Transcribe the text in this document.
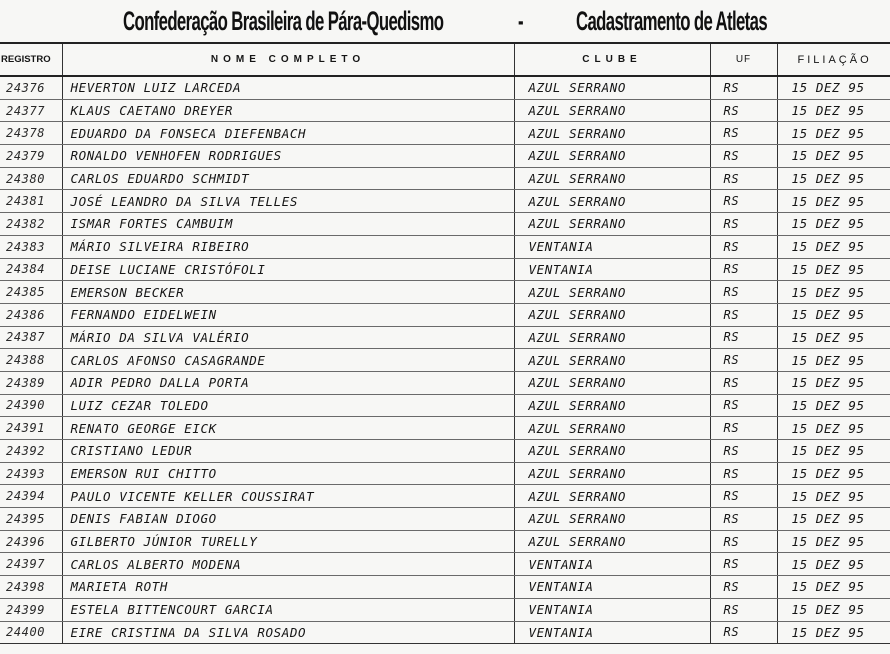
Confederação Brasileira de Pára-Quedismo	- Cadastramento de Atletas
REGISTRO	NOME COMPLETO	CLUBE	UF	FILIAÇÃO
24376	HEVERTON LUIZ LARCEDA	AZUL SERRANO	RS	15 DEZ 95
24377	KLAUS CAETANO DREYER	AZUL SERRANO	RS	15 DEZ 95
24378	EDUARDO DA FONSECA DIEFENBACH	AZUL SERRANO	RS	15 DEZ 95
24379	RONALDO VENHOFEN RODRIGUES	AZUL SERRANO	RS	15 DEZ 95
24380	CARLOS EDUARDO SCHMIDT	AZUL SERRANO	RS	15 DEZ 95
24381	JOSÉ LEANDRO DA SILVA TELLES	AZUL SERRANO	RS	15 DEZ 95
24382	ISMAR FORTES CAMBUIM	AZUL SERRANO	RS	15 DEZ 95
24383	MÁRIO SILVEIRA RIBEIRO	VENTANIA	RS	15 DEZ 95
24384	DEISE LUCIANE CRISTÓFOLI	VENTANIA	RS	15 DEZ 95
24385	EMERSON BECKER	AZUL SERRANO	RS	15 DEZ 95
24386	FERNANDO EIDELWEIN	AZUL SERRANO	RS	15 DEZ 95
24387	MÁRIO DA SILVA VALÉRIO	AZUL SERRANO	RS	15 DEZ 95
24388	CARLOS AFONSO CASAGRANDE	AZUL SERRANO	RS	15 DEZ 95
24389	ADIR PEDRO DALLA PORTA	AZUL SERRANO	RS	15 DEZ 95
24390	LUIZ CEZAR TOLEDO	AZUL SERRANO	RS	15 DEZ 95
24391	RENATO GEORGE EICK	AZUL SERRANO	RS	15 DEZ 95
24392	CRISTIANO LEDUR	AZUL SERRANO	RS	15 DEZ 95
24393	EMERSON RUI CHITTO	AZUL SERRANO	RS	15 DEZ 95
24394	PAULO VICENTE KELLER COUSSIRAT	AZUL SERRANO	RS	15 DEZ 95
24395	DENIS FABIAN DIOGO	AZUL SERRANO	RS	15 DEZ 95
24396	GILBERTO JÚNIOR TURELLY	AZUL SERRANO	RS	15 DEZ 95
24397	CARLOS ALBERTO MODENA	VENTANIA	RS	15 DEZ 95
24398	MARIETA ROTH	VENTANIA	RS	15 DEZ 95
24399	ESTELA BITTENCOURT GARCIA	VENTANIA	RS	15 DEZ 95
24400	EIRE CRISTINA DA SILVA ROSADO	VENTANIA	RS	15 DEZ 95
